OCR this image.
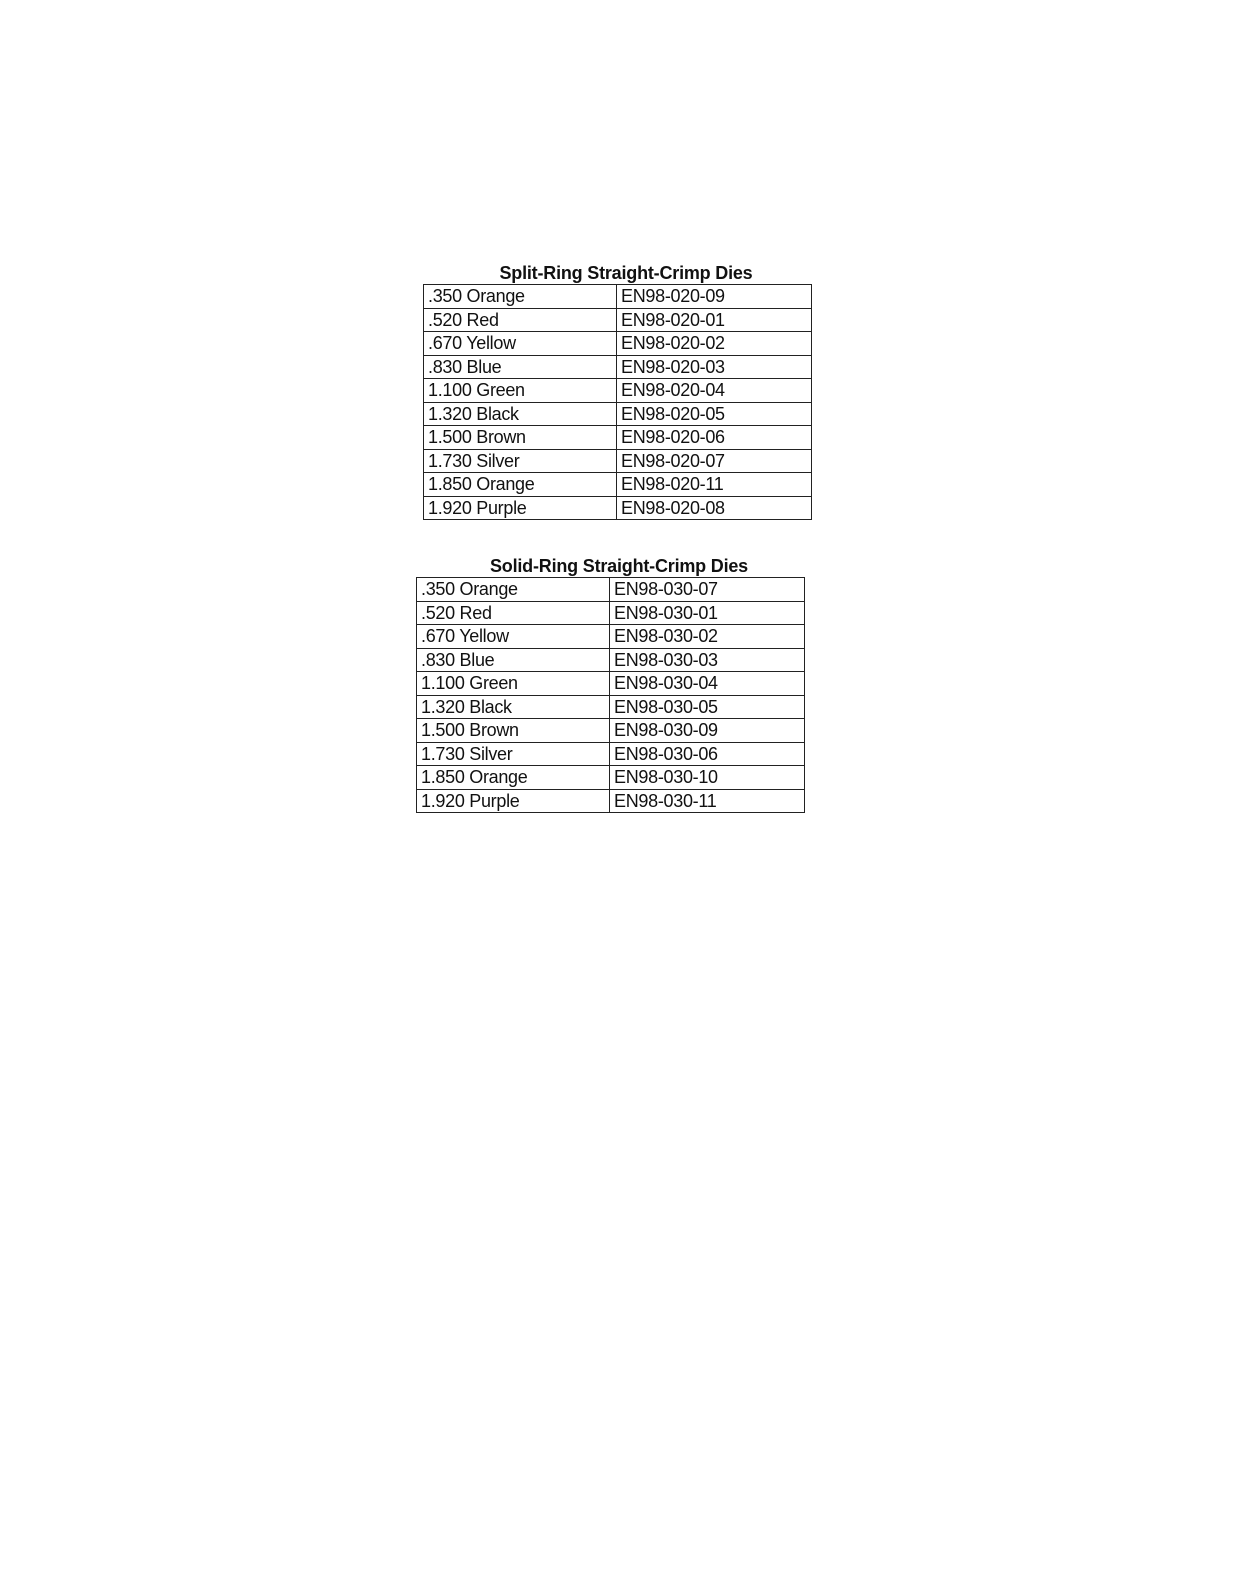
Split-Ring Straight-Crimp Dies
.350 Orange	EN98-020-09
.520 Red	EN98-020-01
.670 Yellow	EN98-020-02
.830 Blue	EN98-020-03
1.100 Green	EN98-020-04
1.320 Black	EN98-020-05
1.500 Brown	EN98-020-06
1.730 Silver	EN98-020-07
1.850 Orange	EN98-020-11
1.920 Purple	EN98-020-08
Solid-Ring Straight-Crimp Dies
.350 Orange	EN98-030-07
.520 Red	EN98-030-01
.670 Yellow	EN98-030-02
.830 Blue	EN98-030-03
1.100 Green	EN98-030-04
1.320 Black	EN98-030-05
1.500 Brown	EN98-030-09
1.730 Silver	EN98-030-06
1.850 Orange	EN98-030-10
1.920 Purple	EN98-030-11
